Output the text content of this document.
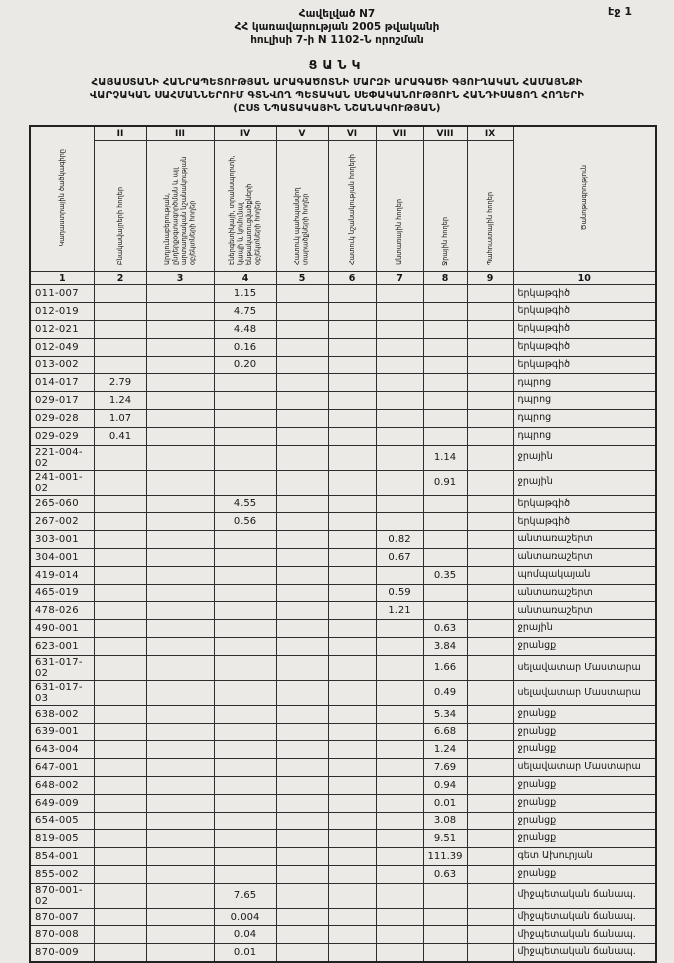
էջ 1
Հավելված N7
ՀՀ կառավարության 2005 թվականի
հուլիսի 7-ի N 1102-Ն որոշման
ՑԱՆԿ
ՀԱՅԱՍՏԱՆԻ ՀԱՆՐԱՊԵՏՈՒԹՅԱՆ ԱՐԱԳԱԾՈՏՆԻ ՄԱՐԶԻ ԱՐԱԳԱԾԻ ԳՅՈՒՂԱԿԱՆ ՀԱՄԱՅՆՔԻ
ՎԱՐՉԱԿԱՆ ՍԱՀՄԱՆՆԵՐՈՒՄ ԳՏՆՎՈՂ ՊԵՏԱԿԱՆ ՍԵՓԱԿԱՆՈՒԹՅՈՒՆ ՀԱՆԴԻՍԱՑՈՂ ՀՈՂԵՐԻ
(ԸՍՏ ՆՊԱՏԱԿԱՅԻՆ ՆՇԱՆԱԿՈՒԹՅԱՆ)
Կադաստրային ծածկագիրը	II	III	IV	V	VI	VII	VIII	IX	Ծանոթագրություն
	Բնակավայրերի հողեր	Արդյունաբերության, ընդերքօգտագործման և այլ արտադրական նշանակության օբյեկտների հողեր	Էներգետիկայի, տրանսպորտի, կապի և կոմունալ ենթակառուցվածքների օբյեկտների հողեր	Հատուկ պահպանվող տարածքների հողեր	Հատուկ նշանակության հողերի	Անտառային հողեր	Ջրային հողեր	Պահուստային հողեր	
1	2	3	4	5	6	7	8	9	10
011-007			1.15						երկաթգիծ
012-019			4.75						երկաթգիծ
012-021			4.48						երկաթգիծ
012-049			0.16						երկաթգիծ
013-002			0.20						երկաթգիծ
014-017	2.79								դպրոց
029-017	1.24								դպրոց
029-028	1.07								դպրոց
029-029	0.41								դպրոց
221-004-02							1.14		ջրային
241-001-02							0.91		ջրային
265-060			4.55						երկաթգիծ
267-002			0.56						երկաթգիծ
303-001						0.82			անտառաշերտ
304-001						0.67			անտառաշերտ
419-014							0.35		պոմպակայան
465-019						0.59			անտառաշերտ
478-026						1.21			անտառաշերտ
490-001							0.63		ջրային
623-001							3.84		ջրանցք
631-017-02							1.66		սելավատար Մաստարա
631-017-03							0.49		սելավատար Մաստարա
638-002							5.34		ջրանցք
639-001							6.68		ջրանցք
643-004							1.24		ջրանցք
647-001							7.69		սելավատար Մաստարա
648-002							0.94		ջրանցք
649-009							0.01		ջրանցք
654-005							3.08		ջրանցք
819-005							9.51		ջրանցք
854-001							111.39		գետ Ախուրյան
855-002							0.63		ջրանցք
870-001-02			7.65						միջպետական ճանապ.
870-007			0.004						միջպետական ճանապ.
870-008			0.04						միջպետական ճանապ.
870-009			0.01						միջպետական ճանապ.
